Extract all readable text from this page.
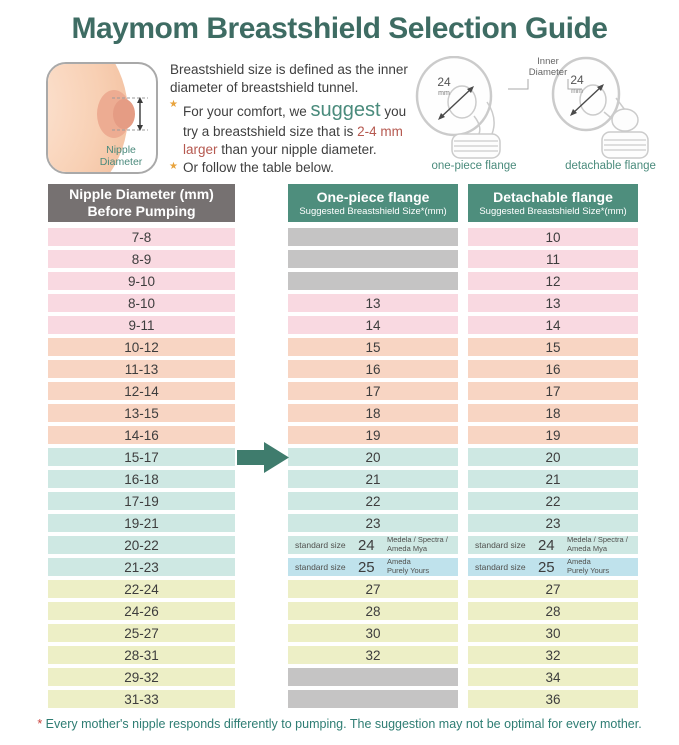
Maymom Breastshield Selection Guide
Nipple
Diameter
Breastshield size is defined as the inner diameter of breastshield tunnel.
★ For your comfort, we suggest you try a breastshield size that is 2-4 mm larger than your nipple diameter.
★ Or follow the table below.
24
mm
24
mm
Inner
Diameter
one-piece flange	detachable flange
Nipple Diameter (mm)
Before Pumping
One-piece flange
Suggested Breastshield Size*(mm)
Detachable flange
Suggested Breastshield Size*(mm)
7-8
8-9
9-10
8-10
9-11
10-12
11-13
12-14
13-15
14-16
15-17
16-18
17-19
19-21
20-22
21-23
22-24
24-26
25-27
28-31
29-32
31-33
13
14
15
16
17
18
19
20
21
22
23
standard size 24 Medela / Spectra /
Ameda Mya
standard size 25 Ameda
Purely Yours
27
28
30
32
10
11
12
13
14
15
16
17
18
19
20
21
22
23
standard size 24 Medela / Spectra /
Ameda Mya
standard size 25 Ameda
Purely Yours
27
28
30
32
34
36
* Every mother's nipple responds differently to pumping. The suggestion may not be optimal for every mother.
